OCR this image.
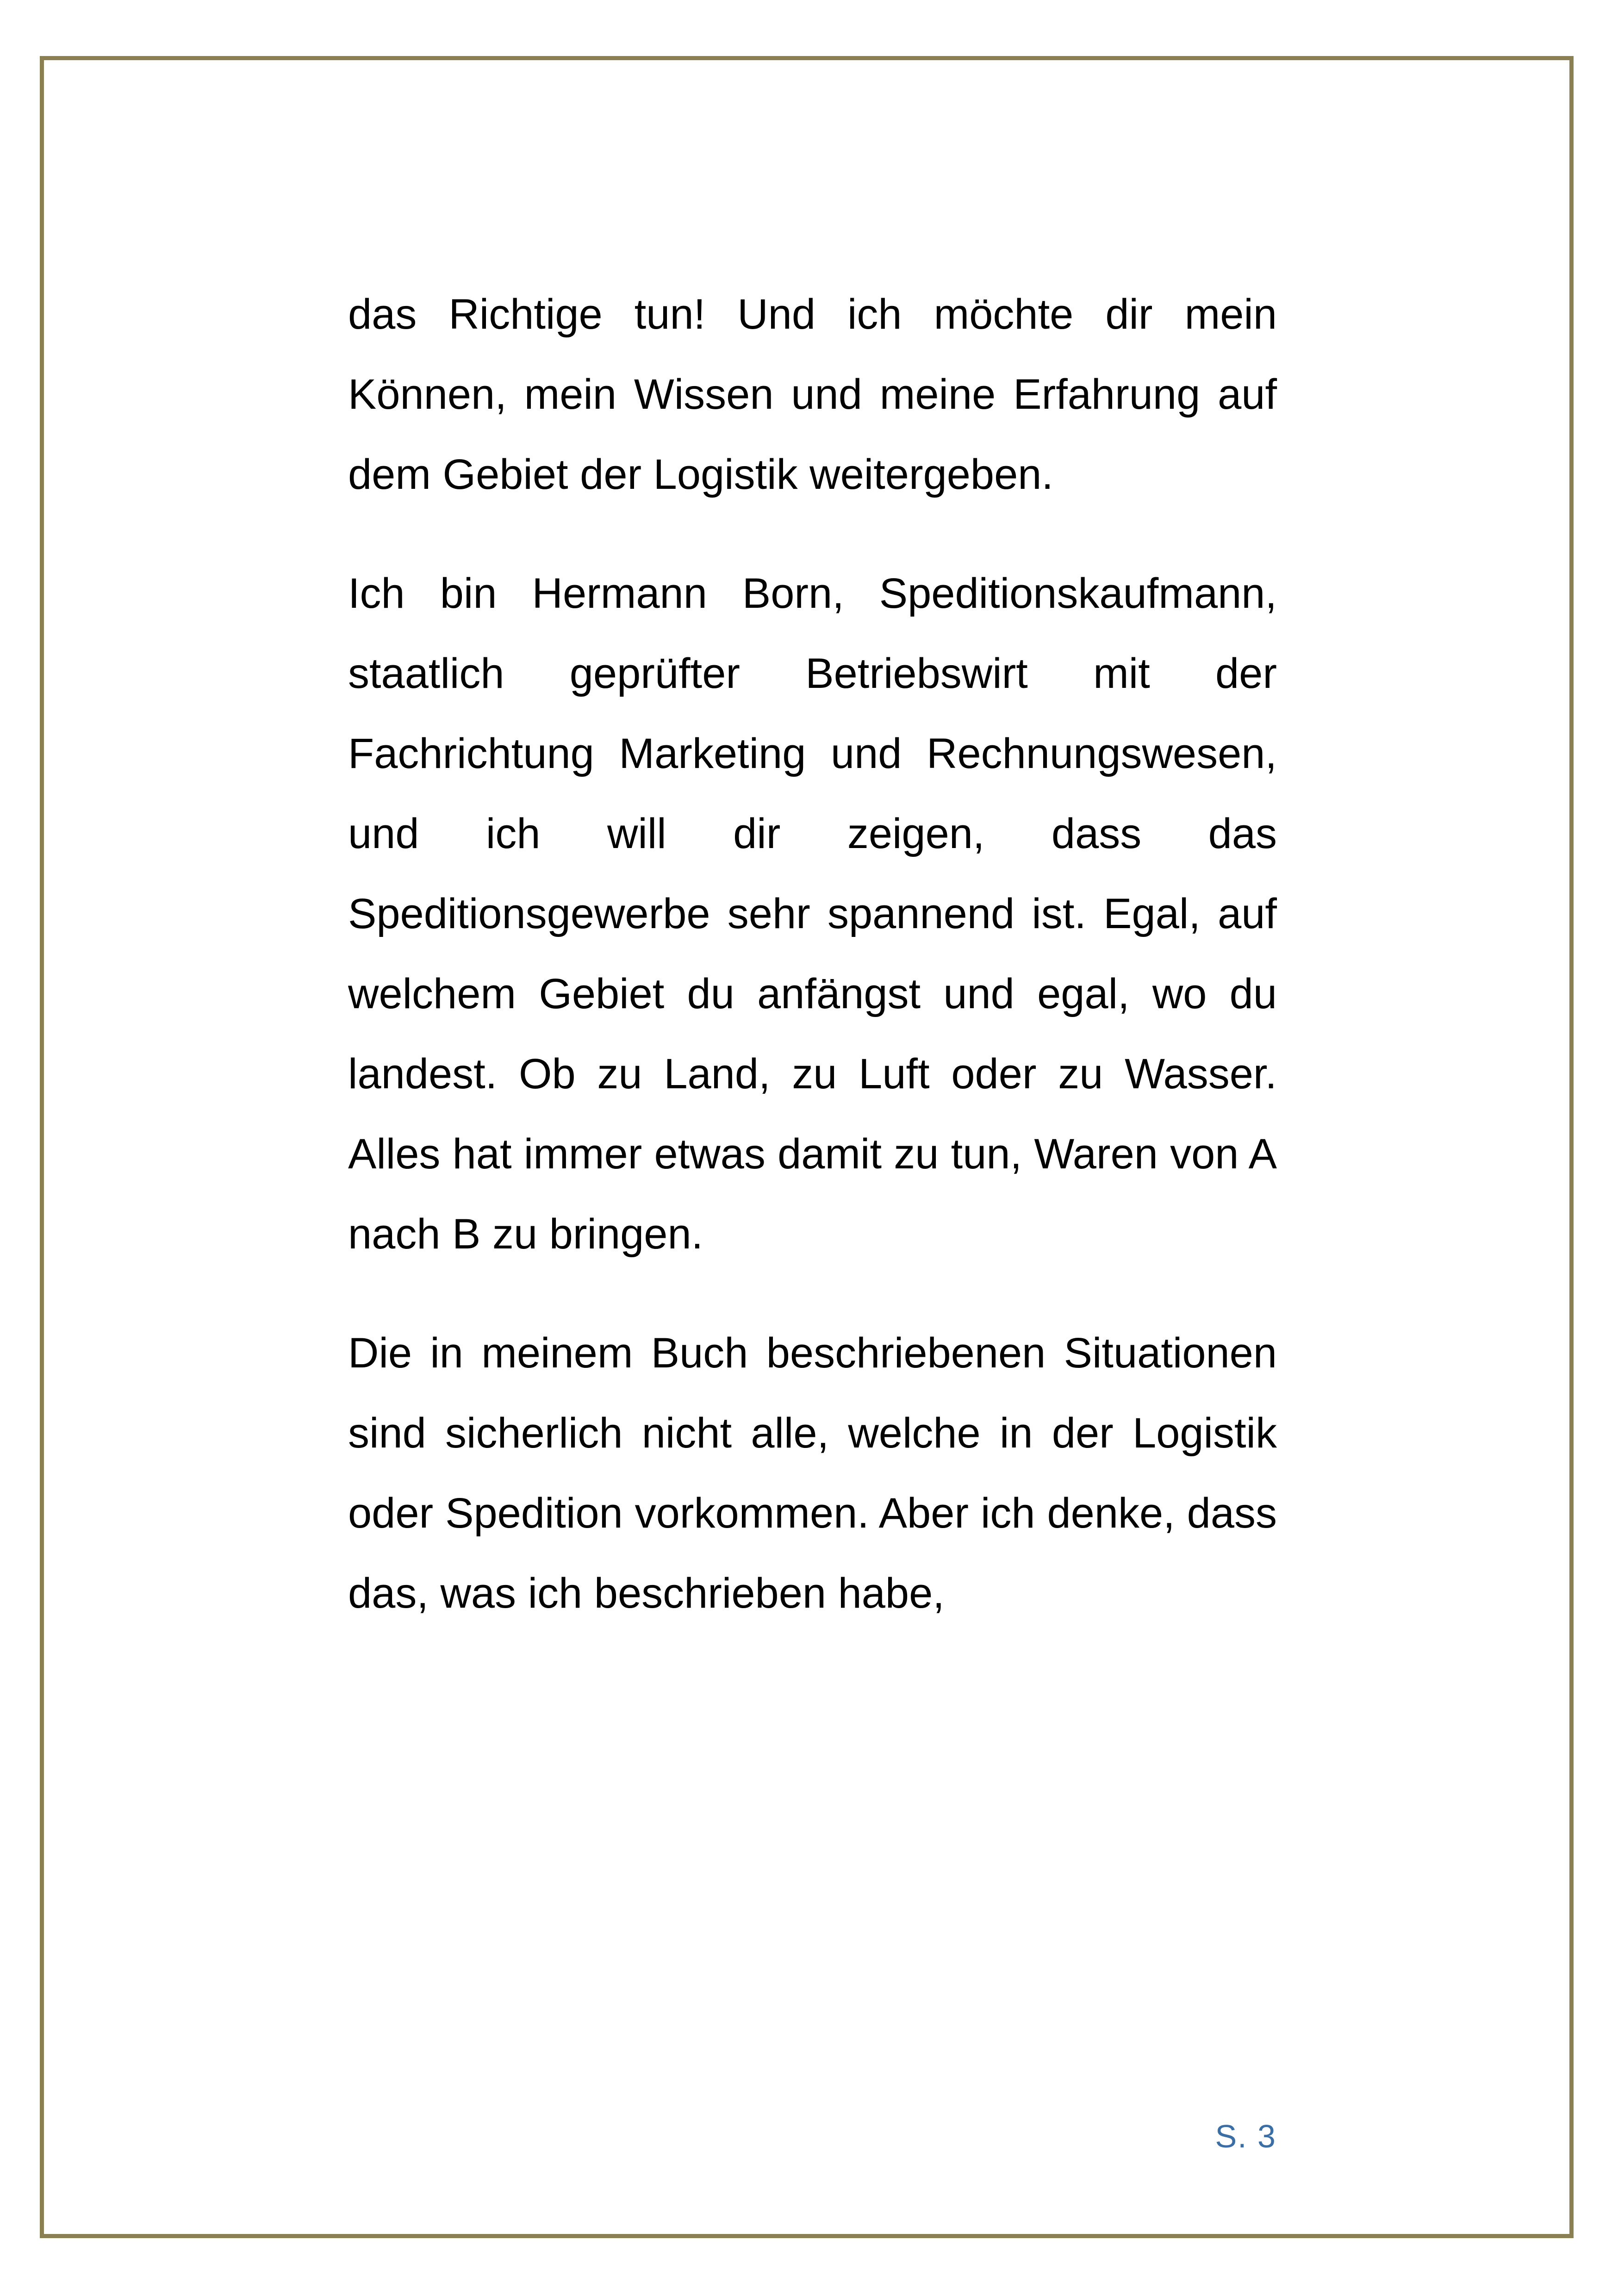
das Richtige tun! Und ich möchte dir mein Können, mein Wissen und meine Erfahrung auf dem Gebiet der Logistik weitergeben.

Ich bin Hermann Born, Speditionskaufmann, staatlich geprüfter Betriebswirt mit der Fachrichtung Marketing und Rechnungswesen, und ich will dir zeigen, dass das Speditionsgewerbe sehr spannend ist. Egal, auf welchem Gebiet du anfängst und egal, wo du landest. Ob zu Land, zu Luft oder zu Wasser. Alles hat immer etwas damit zu tun, Waren von A nach B zu bringen.

Die in meinem Buch beschriebenen Situationen sind sicherlich nicht alle, welche in der Logistik oder Spedition vorkommen. Aber ich denke, dass das, was ich beschrieben habe,

S. 3
